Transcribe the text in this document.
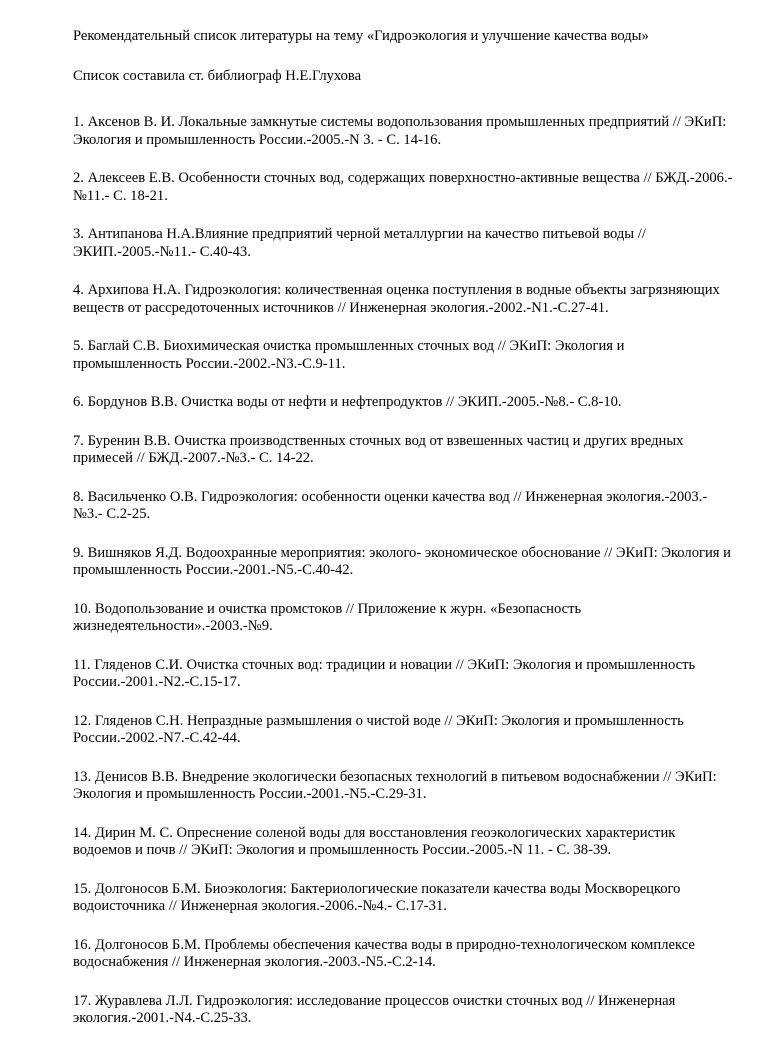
Рекомендательный список литературы на тему «Гидроэкология и улучшение качества воды»

Список составила ст. библиограф Н.Е.Глухова

1. Аксенов В. И. Локальные замкнутые системы водопользования промышленных предприятий // ЭКиП: Экология и промышленность России.-2005.-N 3. - С. 14-16.

2. Алексеев Е.В. Особенности сточных вод, содержащих поверхностно-активные вещества // БЖД.-2006.-№11.- С. 18-21.

3. Антипанова Н.А.Влияние предприятий черной металлургии на качество питьевой воды // ЭКИП.-2005.-№11.- С.40-43.

4. Архипова Н.А. Гидроэкология: количественная оценка поступления в водные объекты загрязняющих веществ от рассредоточенных источников // Инженерная экология.-2002.-N1.-С.27-41.

5. Баглай С.В. Биохимическая очистка промышленных сточных вод // ЭКиП: Экология и промышленность России.-2002.-N3.-С.9-11.

6. Бордунов В.В. Очистка воды от нефти и нефтепродуктов // ЭКИП.-2005.-№8.- С.8-10.

7. Буренин В.В. Очистка производственных сточных вод от взвешенных частиц и других вредных примесей // БЖД.-2007.-№3.- С. 14-22.

8. Васильченко О.В. Гидроэкология: особенности оценки качества вод // Инженерная экология.-2003.-№3.- С.2-25.

9. Вишняков Я.Д. Водоохранные мероприятия: эколого- экономическое обоснование // ЭКиП: Экология и промышленность России.-2001.-N5.-С.40-42.

10. Водопользование и очистка промстоков // Приложение к журн. «Безопасность жизнедеятельности».-2003.-№9.

11. Гляденов С.И. Очистка сточных вод: традиции и новации // ЭКиП: Экология и промышленность России.-2001.-N2.-С.15-17.

12. Гляденов С.Н. Непраздные размышления о чистой воде // ЭКиП: Экология и промышленность России.-2002.-N7.-С.42-44.

13. Денисов В.В. Внедрение экологически безопасных технологий в питьевом водоснабжении // ЭКиП: Экология и промышленность России.-2001.-N5.-С.29-31.

14. Дирин М. С. Опреснение соленой воды для восстановления геоэкологических характеристик водоемов и почв // ЭКиП: Экология и промышленность России.-2005.-N 11. - С. 38-39.

15. Долгоносов Б.М. Биоэкология: Бактериологические показатели качества воды Москворецкого водоисточника // Инженерная экология.-2006.-№4.- С.17-31.

16. Долгоносов Б.М. Проблемы обеспечения качества воды в природно-технологическом комплексе водоснабжения // Инженерная экология.-2003.-N5.-С.2-14.

17. Журавлева Л.Л. Гидроэкология: исследование процессов очистки сточных вод // Инженерная экология.-2001.-N4.-С.25-33.
